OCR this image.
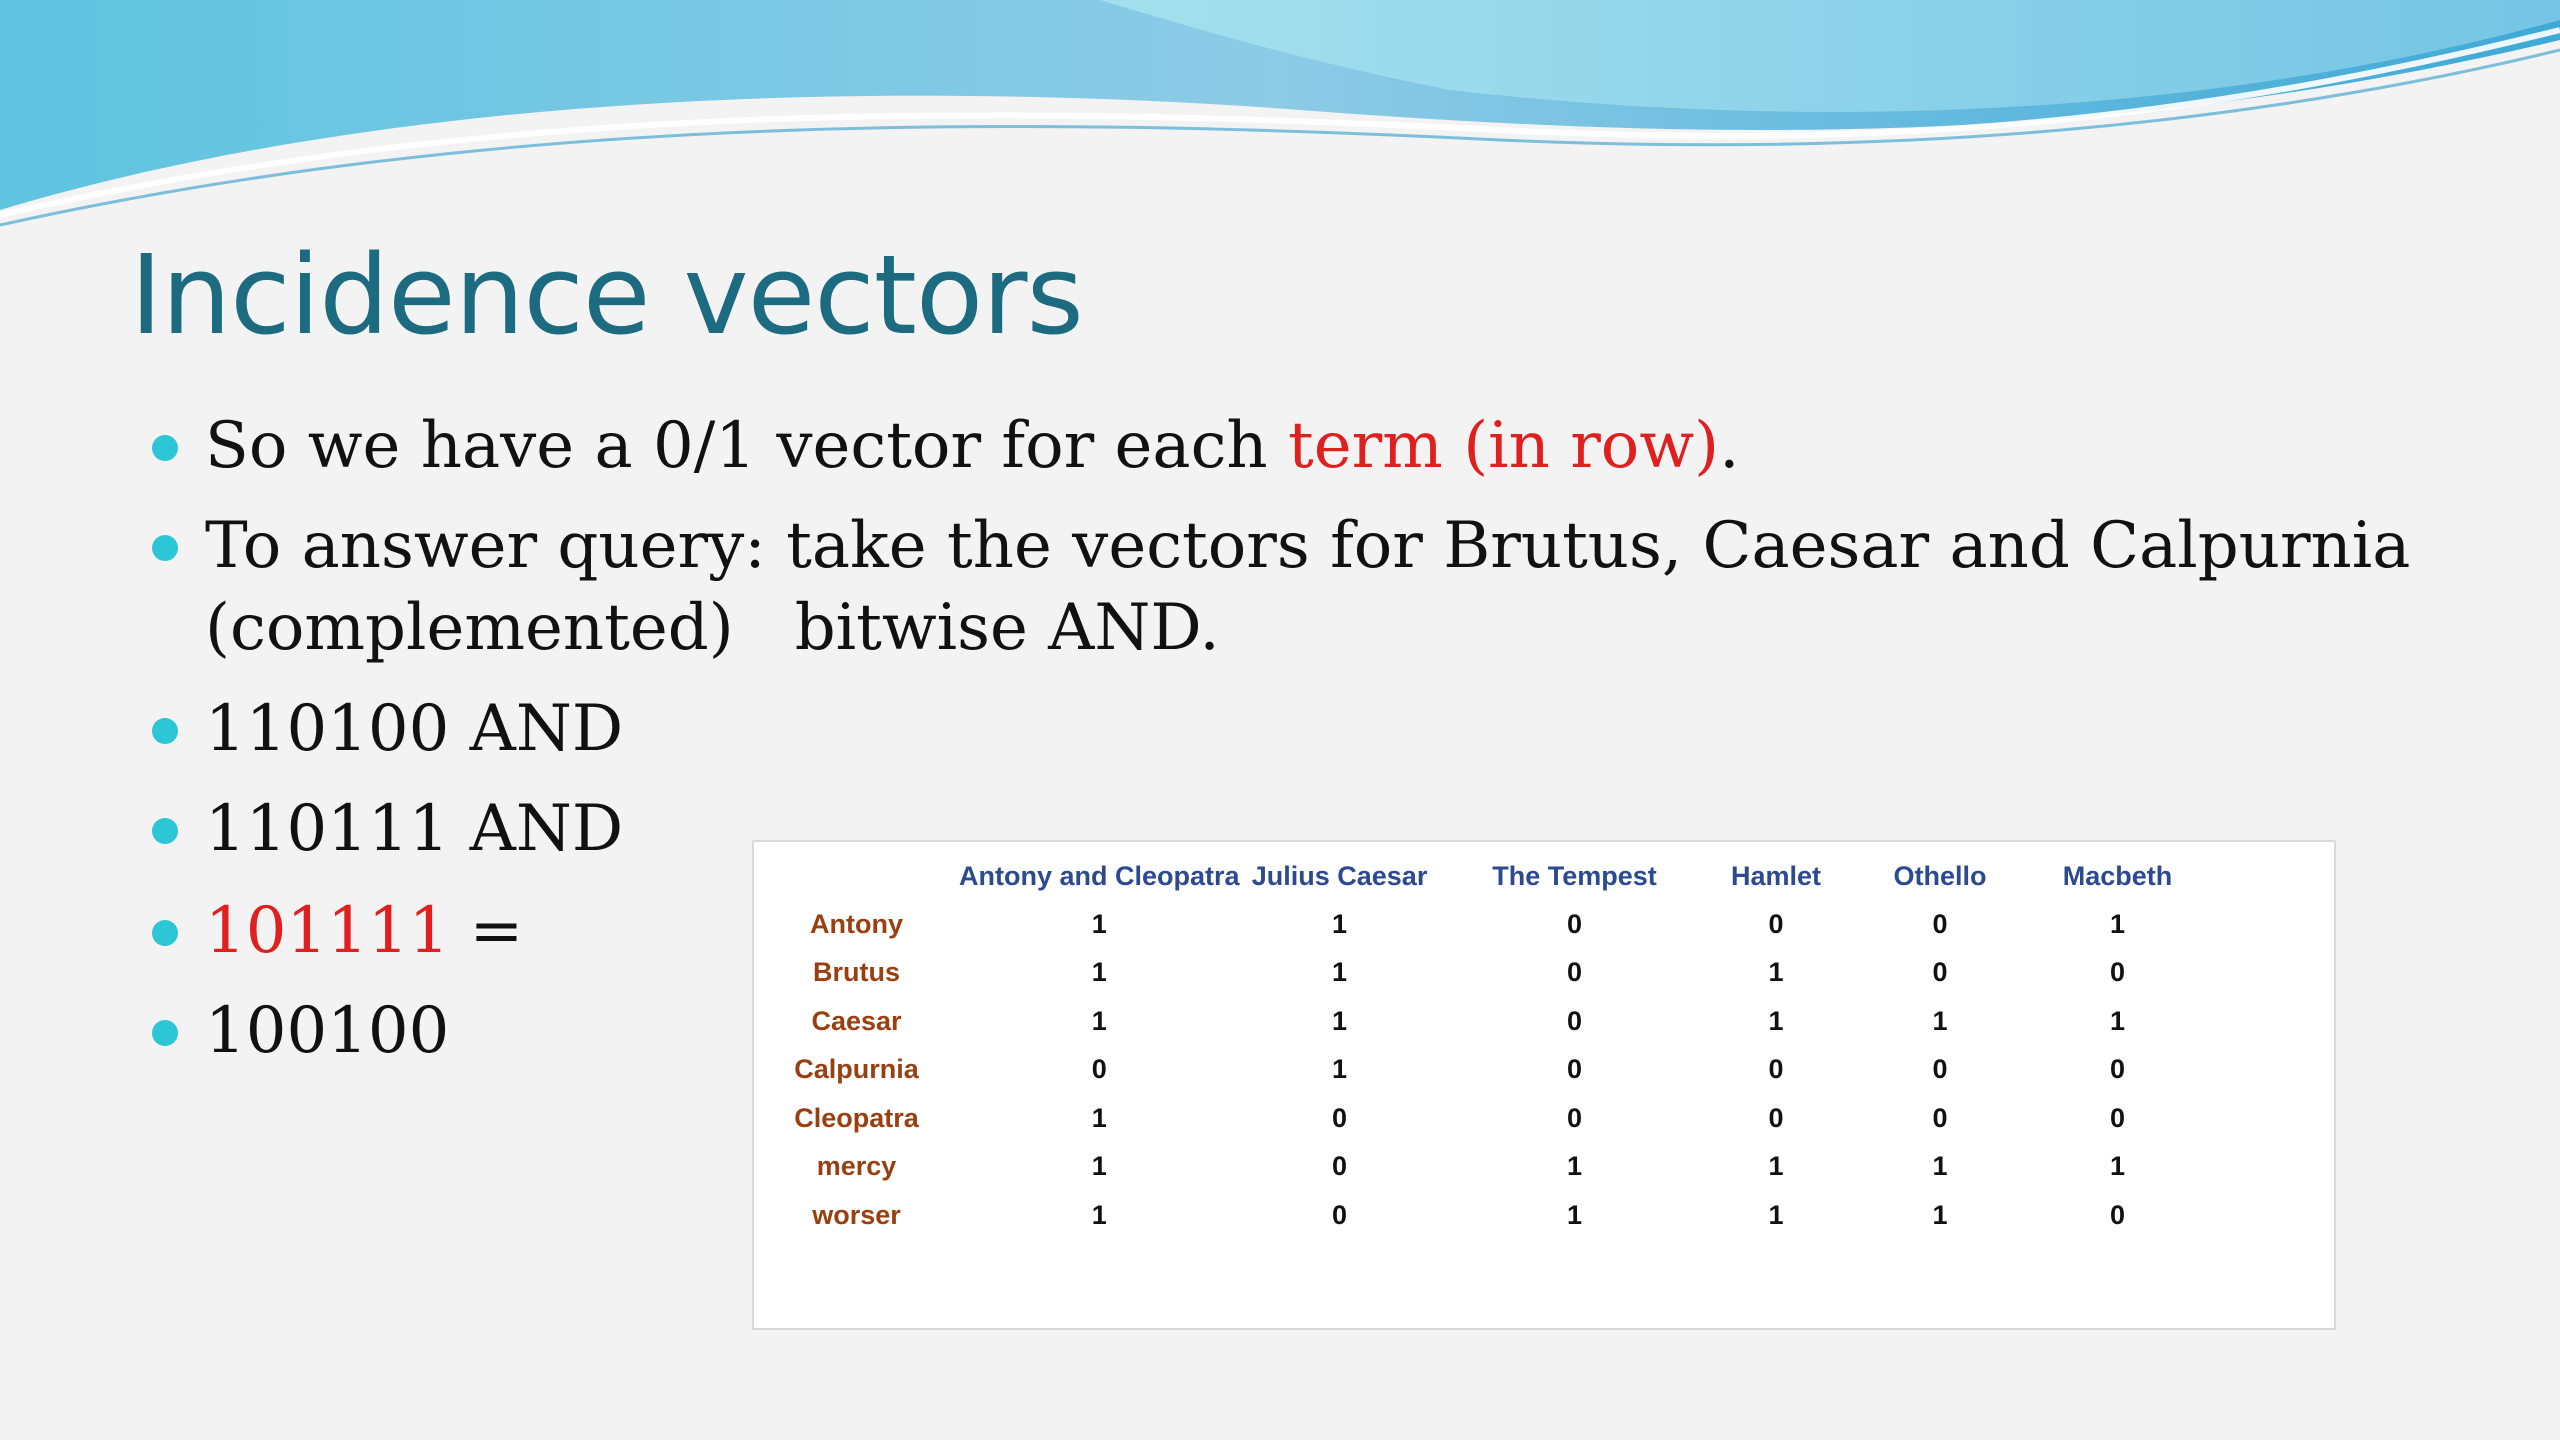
Incidence vectors
So we have a 0/1 vector for each term (in row).
To answer query: take the vectors for Brutus, Caesar and Calpurnia
(complemented)   bitwise AND.
110100 AND
110111 AND
101111 =
100100
	Antony and Cleopatra	Julius Caesar	The Tempest	Hamlet	Othello	Macbeth
Antony	1	1	0	0	0	1
Brutus	1	1	0	1	0	0
Caesar	1	1	0	1	1	1
Calpurnia	0	1	0	0	0	0
Cleopatra	1	0	0	0	0	0
mercy	1	0	1	1	1	1
worser	1	0	1	1	1	0
